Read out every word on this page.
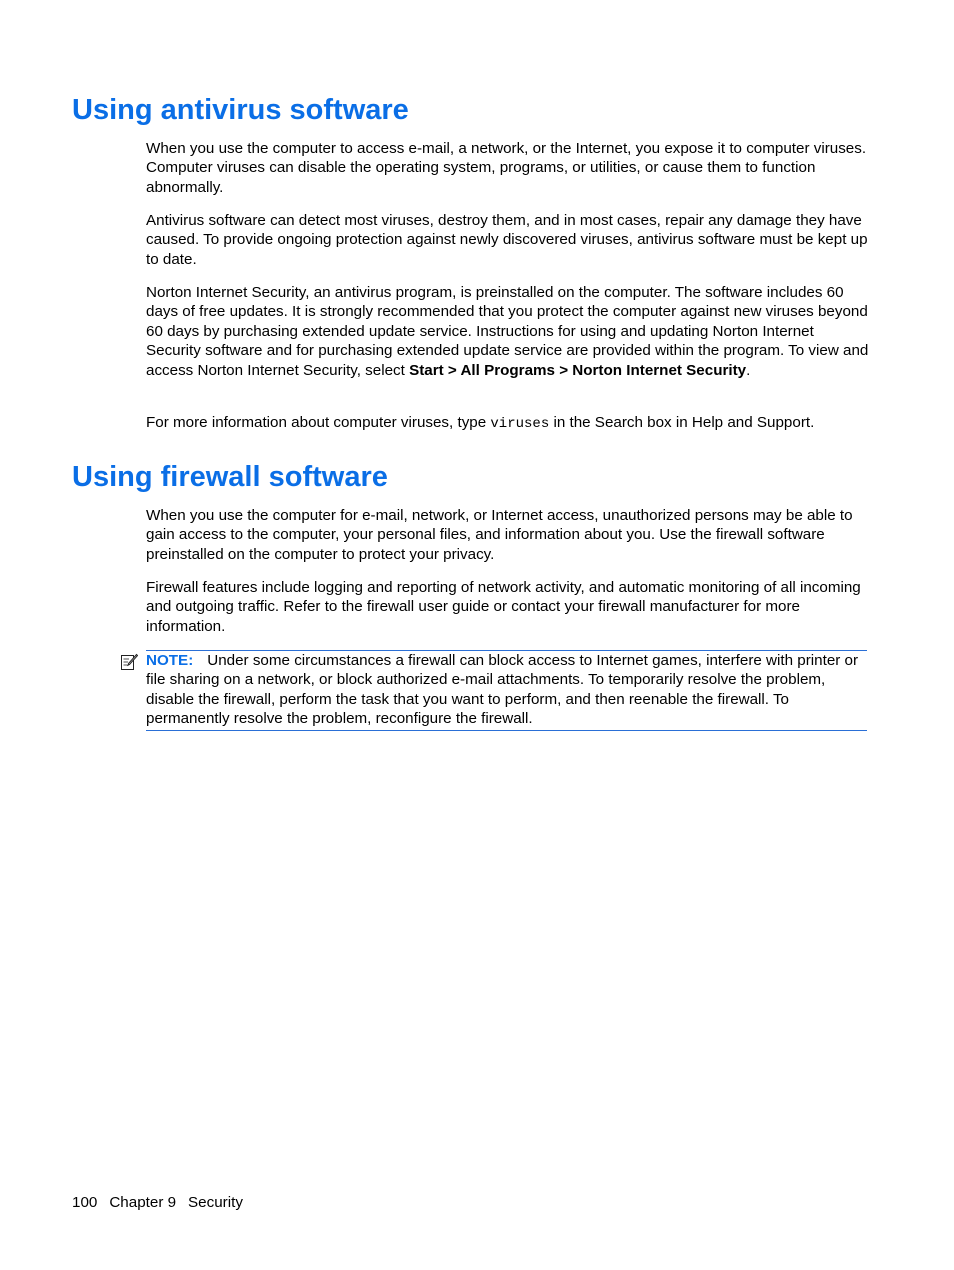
Using antivirus software

When you use the computer to access e-mail, a network, or the Internet, you expose it to computer viruses. Computer viruses can disable the operating system, programs, or utilities, or cause them to function abnormally.

Antivirus software can detect most viruses, destroy them, and in most cases, repair any damage they have caused. To provide ongoing protection against newly discovered viruses, antivirus software must be kept up to date.

Norton Internet Security, an antivirus program, is preinstalled on the computer. The software includes 60 days of free updates. It is strongly recommended that you protect the computer against new viruses beyond 60 days by purchasing extended update service. Instructions for using and updating Norton Internet Security software and for purchasing extended update service are provided within the program. To view and access Norton Internet Security, select Start > All Programs > Norton Internet Security.

For more information about computer viruses, type viruses in the Search box in Help and Support.

Using firewall software

When you use the computer for e-mail, network, or Internet access, unauthorized persons may be able to gain access to the computer, your personal files, and information about you. Use the firewall software preinstalled on the computer to protect your privacy.

Firewall features include logging and reporting of network activity, and automatic monitoring of all incoming and outgoing traffic. Refer to the firewall user guide or contact your firewall manufacturer for more information.

NOTE: Under some circumstances a firewall can block access to Internet games, interfere with printer or file sharing on a network, or block authorized e-mail attachments. To temporarily resolve the problem, disable the firewall, perform the task that you want to perform, and then reenable the firewall. To permanently resolve the problem, reconfigure the firewall.

100 Chapter 9 Security
